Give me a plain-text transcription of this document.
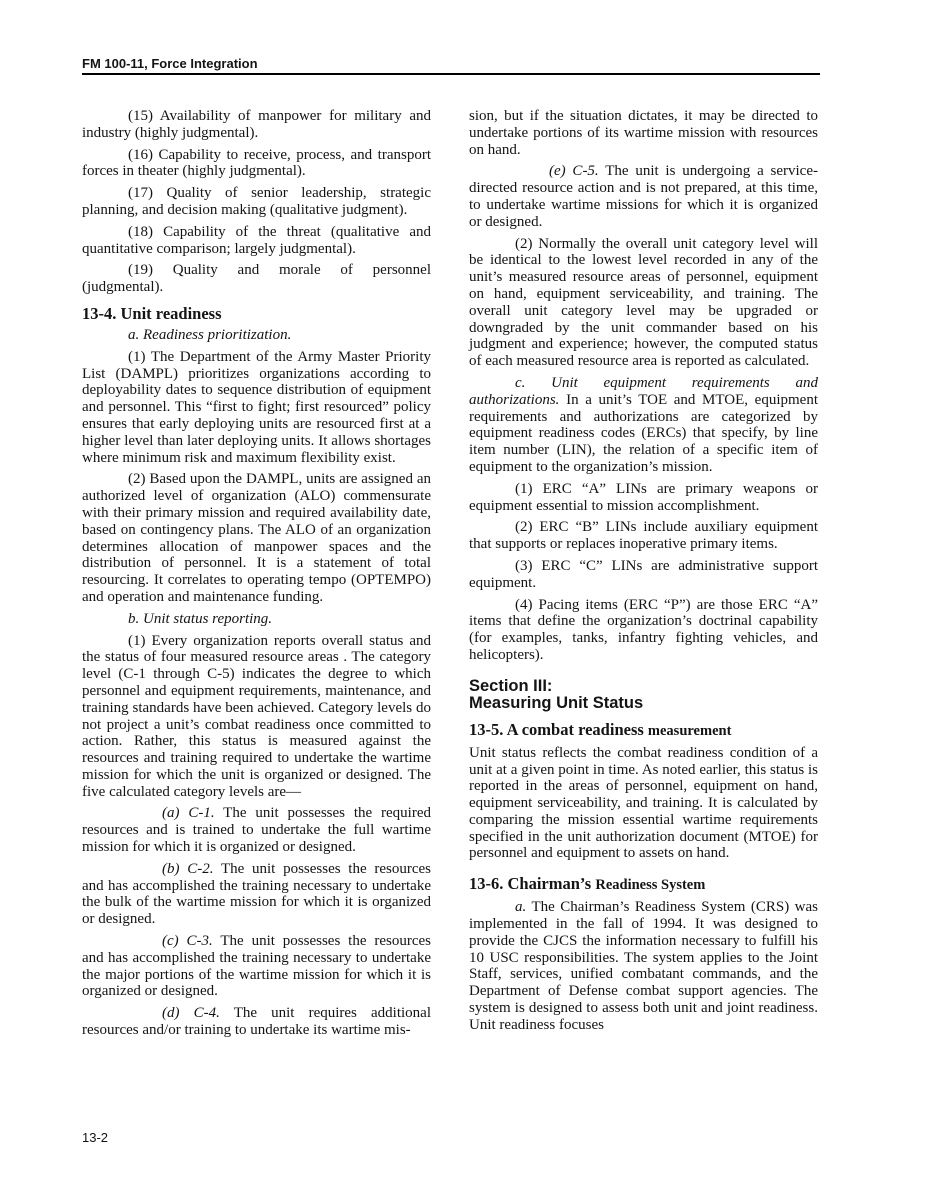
FM 100-11, Force Integration

(15) Availability of manpower for military and industry (highly judgmental).

(16) Capability to receive, process, and transport forces in theater (highly judgmental).

(17) Quality of senior leadership, strategic planning, and decision making (qualitative judgment).

(18) Capability of the threat (qualitative and quantitative comparison; largely judgmental).

(19) Quality and morale of personnel (judgmental).

13-4. Unit readiness

a. Readiness prioritization.

(1) The Department of the Army Master Priority List (DAMPL) prioritizes organizations according to deployability dates to sequence distribution of equipment and personnel. This “first to fight; first resourced” policy ensures that early deploying units are resourced first at a higher level than later deploying units. It allows shortages where minimum risk and maximum flexibility exist.

(2) Based upon the DAMPL, units are assigned an authorized level of organization (ALO) commensurate with their primary mission and required availability date, based on contingency plans. The ALO of an organization determines allocation of manpower spaces and the distribution of personnel. It is a statement of total resourcing. It correlates to operating tempo (OPTEMPO) and operation and maintenance funding.

b. Unit status reporting.

(1) Every organization reports overall status and the status of four measured resource areas . The category level (C-1 through C-5) indicates the degree to which personnel and equipment requirements, maintenance, and training standards have been achieved. Category levels do not project a unit’s combat readiness once committed to action. Rather, this status is measured against the resources and training required to undertake the wartime mission for which the unit is organized or designed. The five calculated category levels are—

(a) C-1. The unit possesses the required resources and is trained to undertake the full wartime mission for which it is organized or designed.

(b) C-2. The unit possesses the resources and has accomplished the training necessary to undertake the bulk of the wartime mission for which it is organized or designed.

(c) C-3. The unit possesses the resources and has accomplished the training necessary to undertake the major portions of the wartime mission for which it is organized or designed.

(d) C-4. The unit requires additional resources and/or training to undertake its wartime mis-

sion, but if the situation dictates, it may be directed to undertake portions of its wartime mission with resources on hand.

(e) C-5. The unit is undergoing a service-directed resource action and is not prepared, at this time, to undertake wartime missions for which it is organized or designed.

(2) Normally the overall unit category level will be identical to the lowest level recorded in any of the unit’s measured resource areas of personnel, equipment on hand, equipment serviceability, and training. The overall unit category level may be upgraded or downgraded by the unit commander based on his judgment and experience; however, the computed status of each measured resource area is reported as calculated.

c. Unit equipment requirements and authorizations. In a unit’s TOE and MTOE, equipment requirements and authorizations are categorized by equipment readiness codes (ERCs) that specify, by line item number (LIN), the relation of a specific item of equipment to the organization’s mission.

(1) ERC “A” LINs are primary weapons or equipment essential to mission accomplishment.

(2) ERC “B” LINs include auxiliary equipment that supports or replaces inoperative primary items.

(3) ERC “C” LINs are administrative support equipment.

(4) Pacing items (ERC “P”) are those ERC “A” items that define the organization’s doctrinal capability (for examples, tanks, infantry fighting vehicles, and helicopters).

Section III:
Measuring Unit Status
13-5. A combat readiness measurement

Unit status reflects the combat readiness condition of a unit at a given point in time. As noted earlier, this status is reported in the areas of personnel, equipment on hand, equipment serviceability, and training. It is calculated by comparing the mission essential wartime requirements specified in the unit authorization document (MTOE) for personnel and equipment to assets on hand.

13-6. Chairman’s Readiness System

a. The Chairman’s Readiness System (CRS) was implemented in the fall of 1994. It was designed to provide the CJCS the information necessary to fulfill his 10 USC responsibilities. The system applies to the Joint Staff, services, unified combatant commands, and the Department of Defense combat support agencies. The system is designed to assess both unit and joint readiness. Unit readiness focuses

13-2
